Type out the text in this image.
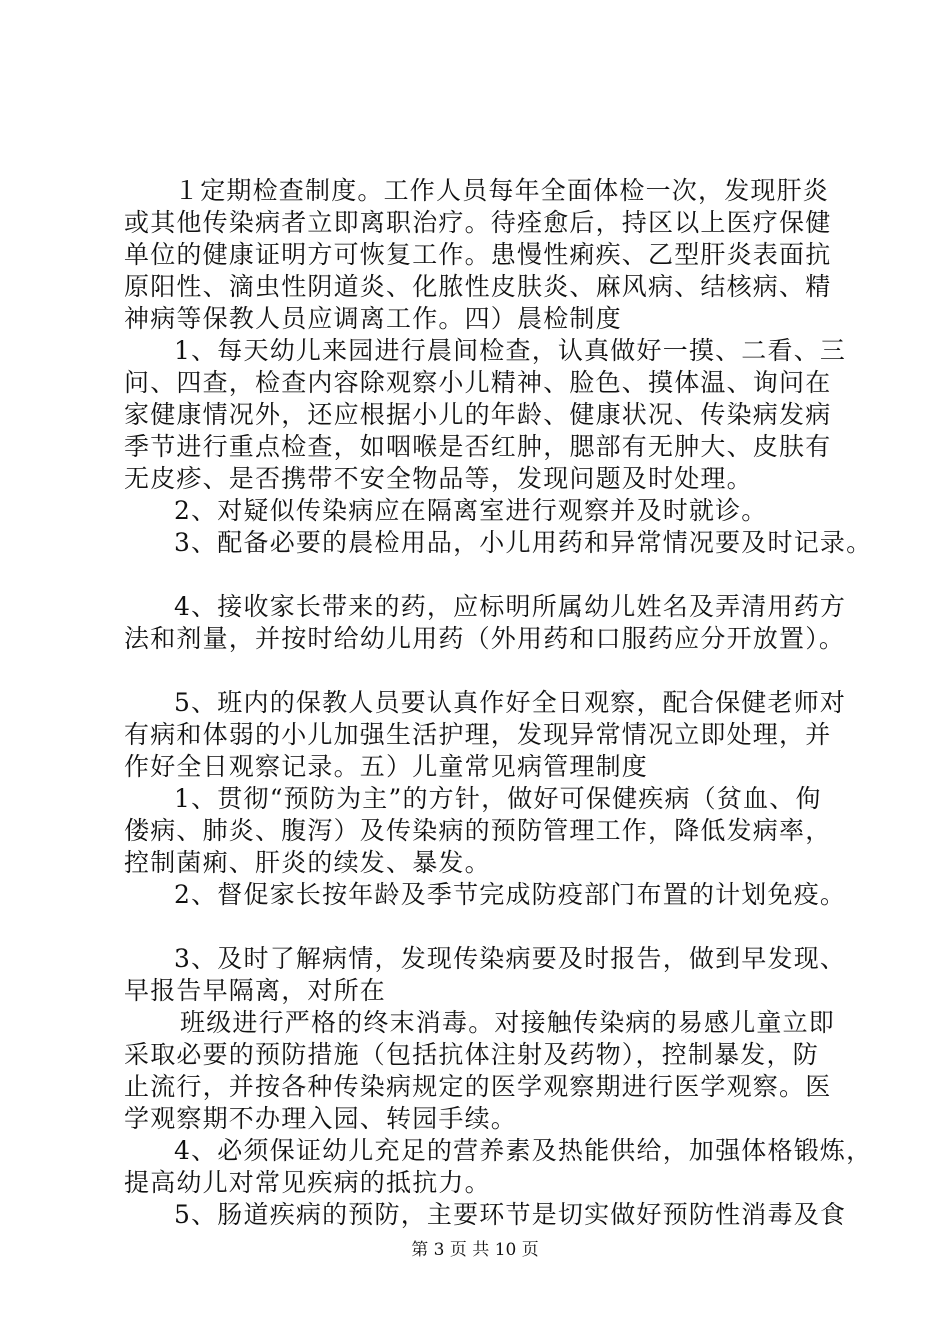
１定期检查制度。工作人员每年全面体检一次，发现肝炎
或其他传染病者立即离职治疗。待痊愈后，持区以上医疗保健
单位的健康证明方可恢复工作。患慢性痢疾、乙型肝炎表面抗
原阳性、滴虫性阴道炎、化脓性皮肤炎、麻风病、结核病、精
神病等保教人员应调离工作。四）晨检制度
1、每天幼儿来园进行晨间检查，认真做好一摸、二看、三
问、四查，检查内容除观察小儿精神、脸色、摸体温、询问在
家健康情况外，还应根据小儿的年龄、健康状况、传染病发病
季节进行重点检查，如咽喉是否红肿，腮部有无肿大、皮肤有
无皮疹、是否携带不安全物品等，发现问题及时处理。
2、对疑似传染病应在隔离室进行观察并及时就诊。
3、配备必要的晨检用品，小儿用药和异常情况要及时记录。
4、接收家长带来的药，应标明所属幼儿姓名及弄清用药方
法和剂量，并按时给幼儿用药（外用药和口服药应分开放置）。
5、班内的保教人员要认真作好全日观察，配合保健老师对
有病和体弱的小儿加强生活护理，发现异常情况立即处理，并
作好全日观察记录。五）儿童常见病管理制度
1、贯彻“预防为主”的方针，做好可保健疾病（贫血、佝
偻病、肺炎、腹泻）及传染病的预防管理工作，降低发病率，
控制菌痢、肝炎的续发、暴发。
2、督促家长按年龄及季节完成防疫部门布置的计划免疫。
3、及时了解病情，发现传染病要及时报告，做到早发现、
早报告早隔离，对所在
班级进行严格的终末消毒。对接触传染病的易感儿童立即
采取必要的预防措施（包括抗体注射及药物），控制暴发，防
止流行，并按各种传染病规定的医学观察期进行医学观察。医
学观察期不办理入园、转园手续。
4、必须保证幼儿充足的营养素及热能供给，加强体格锻炼，
提高幼儿对常见疾病的抵抗力。
5、肠道疾病的预防，主要环节是切实做好预防性消毒及食
第 3 页 共 10 页
